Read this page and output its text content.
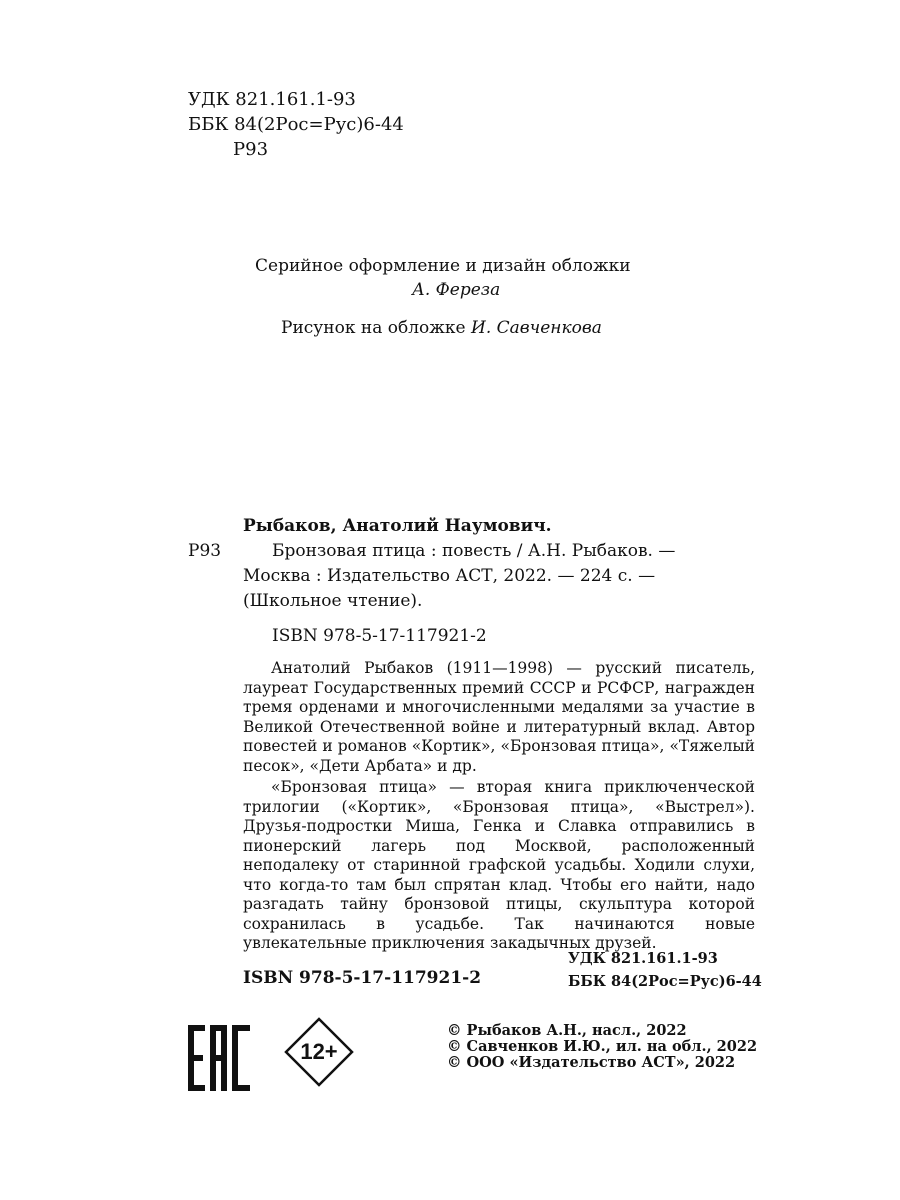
УДК 821.161.1-93
ББК 84(2Рос=Рус)6-44
Р93
Серийное оформление и дизайн обложки
А. Фереза
Рисунок на обложке И. Савченкова
Рыбаков, Анатолий Наумович.
Р93	Бронзовая птица : повесть / А.Н. Рыбаков. —
Москва : Издательство АСТ, 2022. — 224 с. —
(Школьное чтение).
ISBN 978-5-17-117921-2

Анатолий Рыбаков (1911—1998) — русский писатель, лауреат Государственных премий СССР и РСФСР, награжден тремя орденами и многочисленными медалями за участие в Великой Отечественной войне и литературный вклад. Автор повестей и романов «Кортик», «Бронзовая птица», «Тяжелый песок», «Дети Арбата» и др.

«Бронзовая птица» — вторая книга приключенческой трилогии («Кортик», «Бронзовая птица», «Выстрел»). Друзья-подростки Миша, Генка и Славка отправились в пионерский лагерь под Москвой, расположенный неподалеку от старинной графской усадьбы. Ходили слухи, что когда-то там был спрятан клад. Чтобы его найти, надо разгадать тайну бронзовой птицы, скульптура которой сохранилась в усадьбе. Так начинаются новые увлекательные приключения закадычных друзей.

ISBN 978-5-17-117921-2
УДК 821.161.1-93
ББК 84(2Рос=Рус)6-44
12+
© Рыбаков А.Н., насл., 2022
© Савченков И.Ю., ил. на обл., 2022
© ООО «Издательство АСТ», 2022
